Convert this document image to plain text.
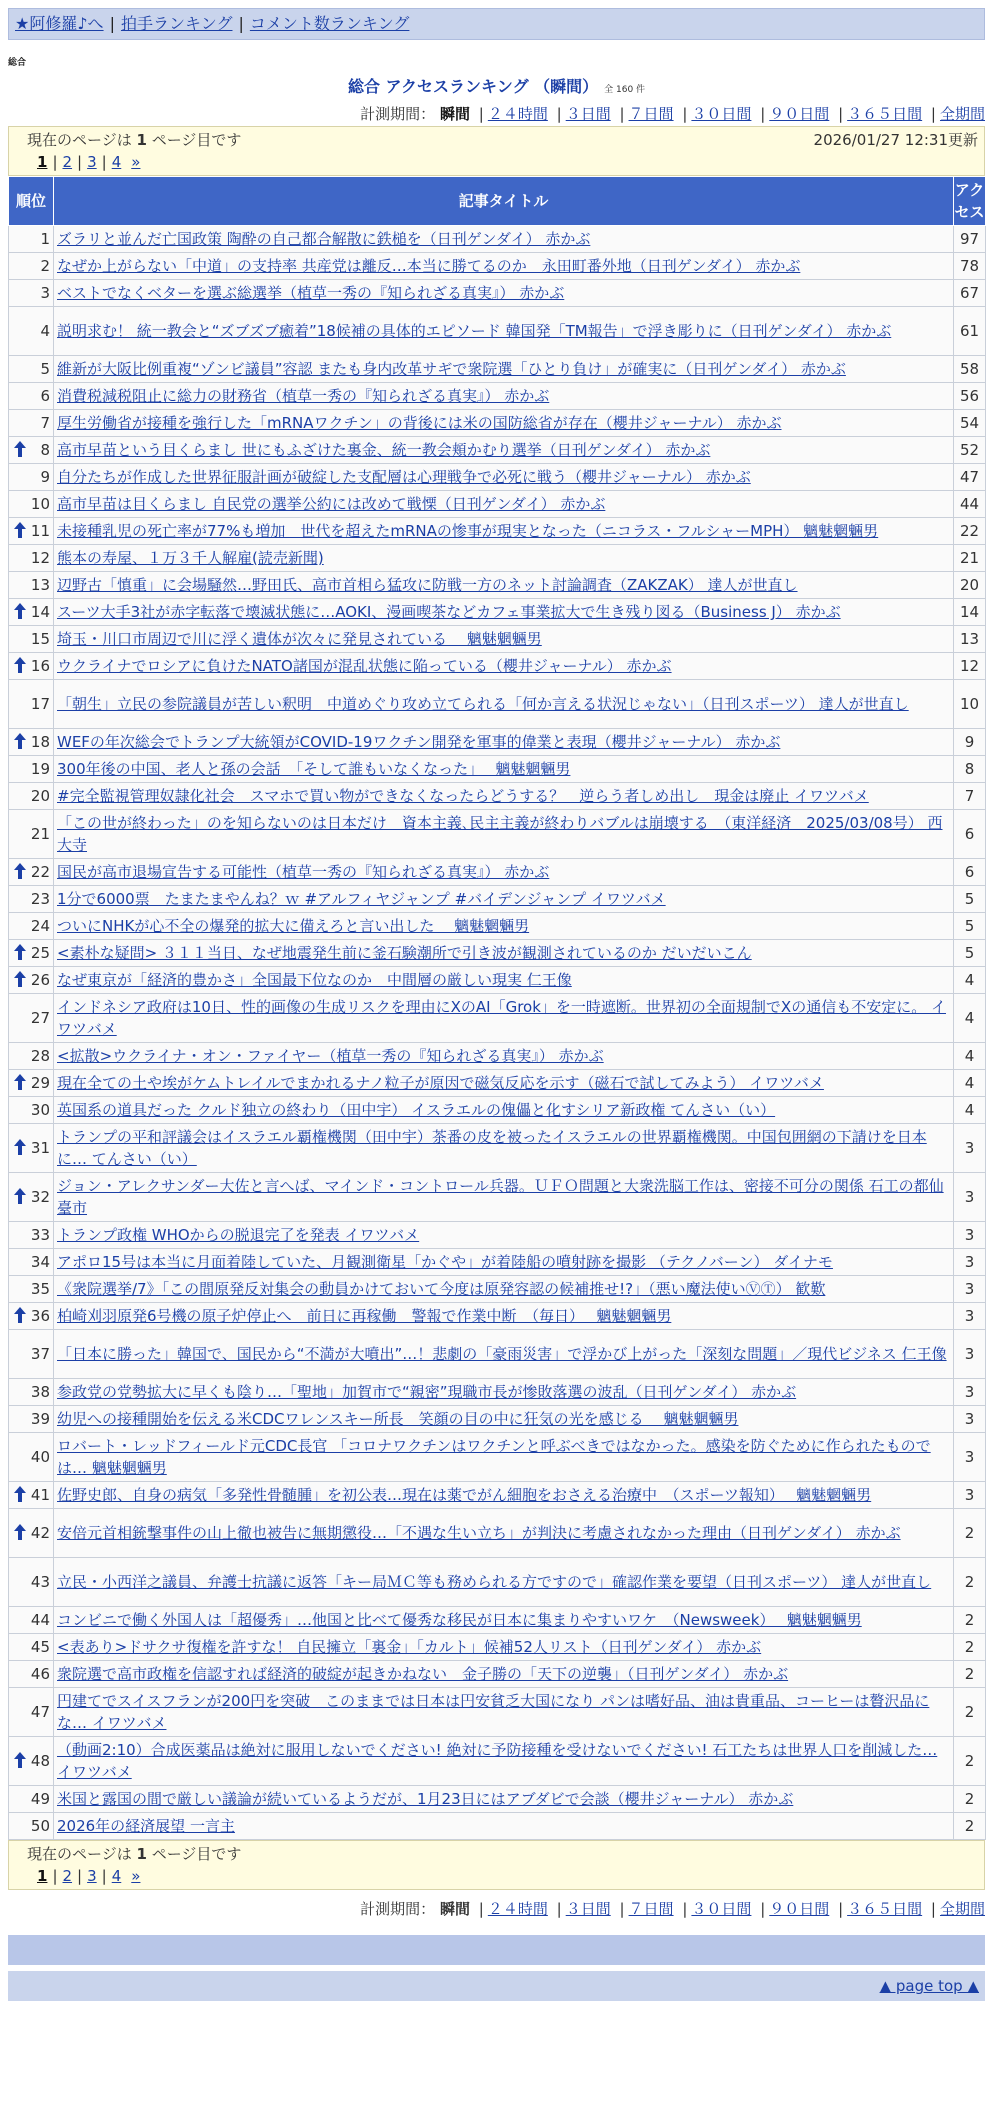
★阿修羅♪へ | 拍手ランキング | コメント数ランキング
総合
総合 アクセスランキング （瞬間） 全 160 件
計測期間： 瞬間 | ２４時間 | ３日間 | ７日間 | ３０日間 | ９０日間 | ３６５日間 | 全期間
現在のページは 1 ページ目です	2026/01/27 12:31更新
1 | 2 | 3 | 4 »
順位	記事タイトル	アクセス
1	ズラリと並んだ亡国政策 陶酔の自己都合解散に鉄槌を（日刊ゲンダイ） 赤かぶ	97
2	なぜか上がらない「中道」の支持率 共産党は離反…本当に勝てるのか　永田町番外地（日刊ゲンダイ） 赤かぶ	78
3	ベストでなくベターを選ぶ総選挙（植草一秀の『知られざる真実』） 赤かぶ	67
4	説明求む！ 統一教会と“ズブズブ癒着”18候補の具体的エピソード 韓国発「TM報告」で浮き彫りに（日刊ゲンダイ） 赤かぶ	61
5	維新が大阪比例重複“ゾンビ議員”容認 またも身内改革サギで衆院選「ひとり負け」が確実に（日刊ゲンダイ） 赤かぶ	58
6	消費税減税阻止に総力の財務省（植草一秀の『知られざる真実』） 赤かぶ	56
7	厚生労働省が接種を強行した「mRNAワクチン」の背後には米の国防総省が存在（櫻井ジャーナル） 赤かぶ	54

8	高市早苗という目くらまし 世にもふざけた裏金、統一教会頬かむり選挙（日刊ゲンダイ） 赤かぶ	52
9	自分たちが作成した世界征服計画が破綻した支配層は心理戦争で必死に戦う（櫻井ジャーナル） 赤かぶ	47
10	高市早苗は目くらまし 自民党の選挙公約には改めて戦慄（日刊ゲンダイ） 赤かぶ	44

11	未接種乳児の死亡率が77%も増加　世代を超えたmRNAの惨事が現実となった（ニコラス・フルシャーMPH） 魑魅魍魎男	22
12	熊本の寿屋、１万３千人解雇(読売新聞)	21
13	辺野古「慎重」に会場騒然…野田氏、高市首相ら猛攻に防戦一方のネット討論調査（ZAKZAK） 達人が世直し	20

14	スーツ大手3社が赤字転落で壊滅状態に…AOKI、漫画喫茶などカフェ事業拡大で生き残り図る（Business J） 赤かぶ	14
15	埼玉・川口市周辺で川に浮く遺体が次々に発見されている　 魑魅魍魎男	13

16	ウクライナでロシアに負けたNATO諸国が混乱状態に陥っている（櫻井ジャーナル） 赤かぶ	12
17	「朝生」立民の参院議員が苦しい釈明　中道めぐり攻め立てられる「何か言える状況じゃない」（日刊スポーツ） 達人が世直し	10

18	WEFの年次総会でトランプ大統領がCOVID-19ワクチン開発を軍事的偉業と表現（櫻井ジャーナル） 赤かぶ	9
19	300年後の中国、老人と孫の会話　「そして誰もいなくなった」　 魑魅魍魎男	8
20	#完全監視管理奴隷化社会　スマホで買い物ができなくなったらどうする？　逆らう者しめ出し　現金は廃止 イワツバメ	7
21	「この世が終わった」のを知らないのは日本だけ　資本主義､民主主義が終わりバブルは崩壊する　（東洋経済　2025/03/08号） 西大寺	6

22	国民が高市退場宣告する可能性（植草一秀の『知られざる真実』） 赤かぶ	6
23	1分で6000票　たまたまやんね？ｗ #アルフィヤジャンプ #バイデンジャンプ イワツバメ	5
24	ついにNHKが心不全の爆発的拡大に備えろと言い出した　 魑魅魍魎男	5

25	<素朴な疑問> ３１１当日、なぜ地震発生前に釜石験潮所で引き波が観測されているのか だいだいこん	5

26	なぜ東京が「経済的豊かさ」全国最下位なのか　中間層の厳しい現実 仁王像	4
27	インドネシア政府は10日、性的画像の生成リスクを理由にXのAI「Grok」を一時遮断。世界初の全面規制でXの通信も不安定に。 イワツバメ	4
28	<拡散>ウクライナ・オン・ファイヤー（植草一秀の『知られざる真実』） 赤かぶ	4

29	現在全ての土や埃がケムトレイルでまかれるナノ粒子が原因で磁気反応を示す（磁石で試してみよう） イワツバメ	4
30	英国系の道具だった クルド独立の終わり（田中宇） イスラエルの傀儡と化すシリア新政権 てんさい（い）	4

31	トランプの平和評議会はイスラエル覇権機関（田中宇）茶番の皮を被ったイスラエルの世界覇権機関。中国包囲網の下請けを日本に… てんさい（い）	3

32	ジョン・アレクサンダー大佐と言へば、マインド・コントロール兵器。ＵＦＯ問題と大衆洗脳工作は、密接不可分の関係 石工の都仙臺市	3
33	トランプ政権 WHOからの脱退完了を発表 イワツバメ	3
34	アポロ15号は本当に月面着陸していた、月観測衛星「かぐや」が着陸船の噴射跡を撮影 （テクノバーン） ダイナモ	3
35	《衆院選挙/7》「この間原発反対集会の動員かけておいて今度は原発容認の候補推せ!?」（悪い魔法使いⓋⓉ） 歓歎	3

36	柏崎刈羽原発6号機の原子炉停止へ　前日に再稼働　警報で作業中断　（毎日）　 魑魅魍魎男	3
37	「日本に勝った」韓国で、国民から“不満が大噴出”…！悲劇の「豪雨災害」で浮かび上がった「深刻な問題」／現代ビジネス 仁王像	3
38	参政党の党勢拡大に早くも陰り…「聖地」加賀市で“親密”現職市長が惨敗落選の波乱（日刊ゲンダイ） 赤かぶ	3
39	幼児への接種開始を伝える米CDCワレンスキー所長　笑顔の目の中に狂気の光を感じる　 魑魅魍魎男	3
40	ロバート・レッドフィールド元CDC長官 「コロナワクチンはワクチンと呼ぶべきではなかった。感染を防ぐために作られたものでは… 魑魅魍魎男	3

41	佐野史郎、自身の病気「多発性骨髄腫」を初公表…現在は薬でがん細胞をおさえる治療中　（スポーツ報知）　 魑魅魍魎男	3

42	安倍元首相銃撃事件の山上徹也被告に無期懲役…「不遇な生い立ち」が判決に考慮されなかった理由（日刊ゲンダイ） 赤かぶ	2
43	立民・小西洋之議員、弁護士抗議に返答「キー局ＭＣ等も務められる方ですので」確認作業を要望（日刊スポーツ） 達人が世直し	2
44	コンビニで働く外国人は「超優秀」…他国と比べて優秀な移民が日本に集まりやすいワケ　（Newsweek）　 魑魅魍魎男	2
45	<表あり>ドサクサ復権を許すな！ 自民擁立「裏金」「カルト」候補52人リスト（日刊ゲンダイ） 赤かぶ	2
46	衆院選で高市政権を信認すれば経済的破綻が起きかねない　金子勝の「天下の逆襲」（日刊ゲンダイ） 赤かぶ	2
47	円建てでスイスフランが200円を突破　このままでは日本は円安貧乏大国になり パンは嗜好品、油は貴重品、コーヒーは贅沢品にな… イワツバメ	2

48	（動画2:10）合成医薬品は絶対に服用しないでください! 絶対に予防接種を受けないでください! 石工たちは世界人口を削減した… イワツバメ	2
49	米国と露国の間で厳しい議論が続いているようだが、1月23日にはアブダビで会談（櫻井ジャーナル） 赤かぶ	2
50	2026年の経済展望 一言主	2
現在のページは 1 ページ目です
1 | 2 | 3 | 4 »
計測期間： 瞬間 | ２４時間 | ３日間 | ７日間 | ３０日間 | ９０日間 | ３６５日間 | 全期間
▲ page top ▲
